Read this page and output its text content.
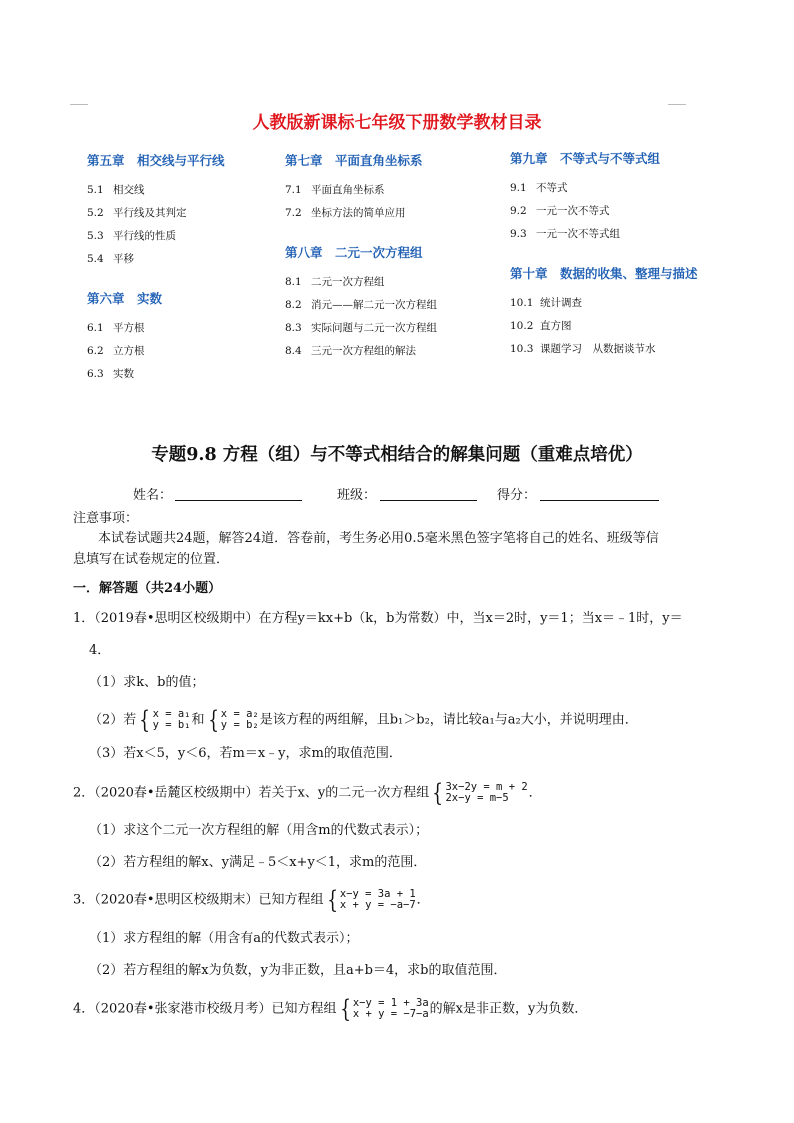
人教版新课标七年级下册数学教材目录
第五章　相交线与平行线
5.1 相交线
5.2 平行线及其判定
5.3 平行线的性质
5.4 平移
第六章　实数
6.1 平方根
6.2 立方根
6.3 实数
第七章　平面直角坐标系
7.1 平面直角坐标系
7.2 坐标方法的简单应用
第八章　二元一次方程组
8.1 二元一次方程组
8.2 消元——解二元一次方程组
8.3 实际问题与二元一次方程组
8.4 三元一次方程组的解法
第九章　不等式与不等式组
9.1 不等式
9.2 一元一次不等式
9.3 一元一次不等式组
第十章　数据的收集、整理与描述
10.1 统计调查
10.2 直方图
10.3 课题学习　从数据谈节水
专题9.8 方程（组）与不等式相结合的解集问题（重难点培优）
姓名：	班级：	得分：
注意事项：
本试卷试题共24题，解答24道．答卷前，考生务必用0.5毫米黑色签字笔将自己的姓名、班级等信
息填写在试卷规定的位置．
一．解答题（共24小题）
1．（2019春•思明区校级期中）在方程y＝kx+b（k，b为常数）中，当x＝2时，y＝1；当x＝﹣1时，y＝
4．
（1）求k、b的值；
（2）若 { x = a₁
y = b₁ 和 { x = a₂
y = b₂ 是该方程的两组解，且b₁＞b₂，请比较a₁与a₂大小，并说明理由．
（3）若x＜5，y＜6，若m＝x﹣y，求m的取值范围．
2．（2020春•岳麓区校级期中）若关于x、y的二元一次方程组 { 3x−2y = m + 2
2x−y = m−5	．
（1）求这个二元一次方程组的解（用含m的代数式表示）；
（2）若方程组的解x、y满足﹣5＜x+y＜1，求m的范围．
3．（2020春•思明区校级期末）已知方程组 { x−y = 3a + 1
x + y = −a−7 ．
（1）求方程组的解（用含有a的代数式表示）；
（2）若方程组的解x为负数，y为非正数，且a+b＝4，求b的取值范围．
4．（2020春•张家港市校级月考）已知方程组 { x−y = 1 + 3a
x + y = −7−a 的解x是非正数，y为负数．
